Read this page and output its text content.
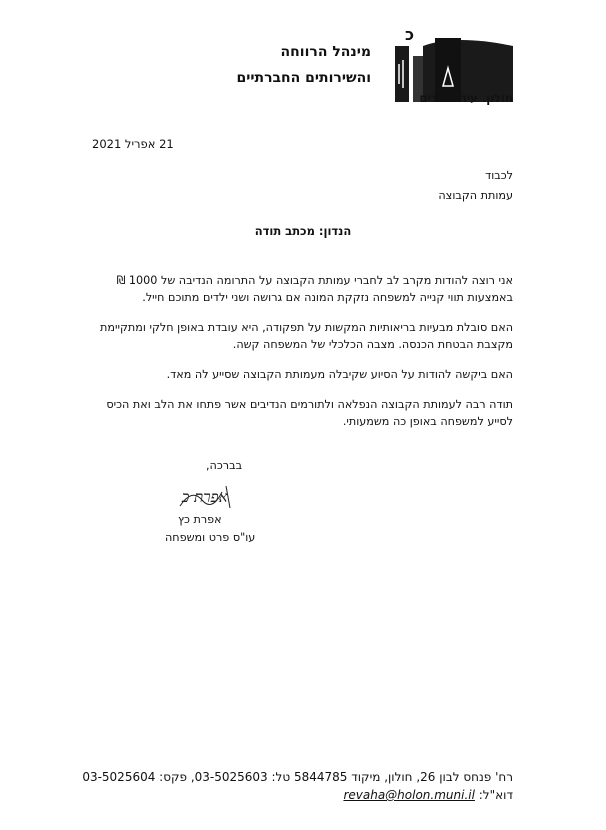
מינהל הרווחה
והשירותים החברתיים
כ
חולון. עיר הילדים
21 אפריל 2021
לכבוד
עמותת הקבוצה
הנדון: מכתב תודה
אני רוצה להודות מקרב לב לחברי עמותת הקבוצה על התרומה הנדיבה של 1000 ₪
באמצעות תווי קנייה למשפחה נזקקת המונה אם גרושה ושני ילדים מתוכם חייל.
האם סובלת מבעיות בריאותיות המקשות על תפקודה, היא עובדת באופן חלקי ומתקיימת
מקצבת הבטחת הכנסה. מצבה הכלכלי של המשפחה קשה.
האם ביקשה להודות על הסיוע שקיבלה מעמותת הקבוצה שסייע לה מאד.
תודה רבה לעמותת הקבוצה הנפלאה ולתורמים הנדיבים אשר פתחו את הלב ואת הכיס
לסייע למשפחה באופן כה משמעותי.
בברכה,
אפרת כ
אפרת כץ
עו"ס פרט ומשפחה
רח' פנחס לבון 26, חולון, מיקוד 5844785 טל: 03-5025603, פקס: 03-5025604
דוא"ל: revaha@holon.muni.il
